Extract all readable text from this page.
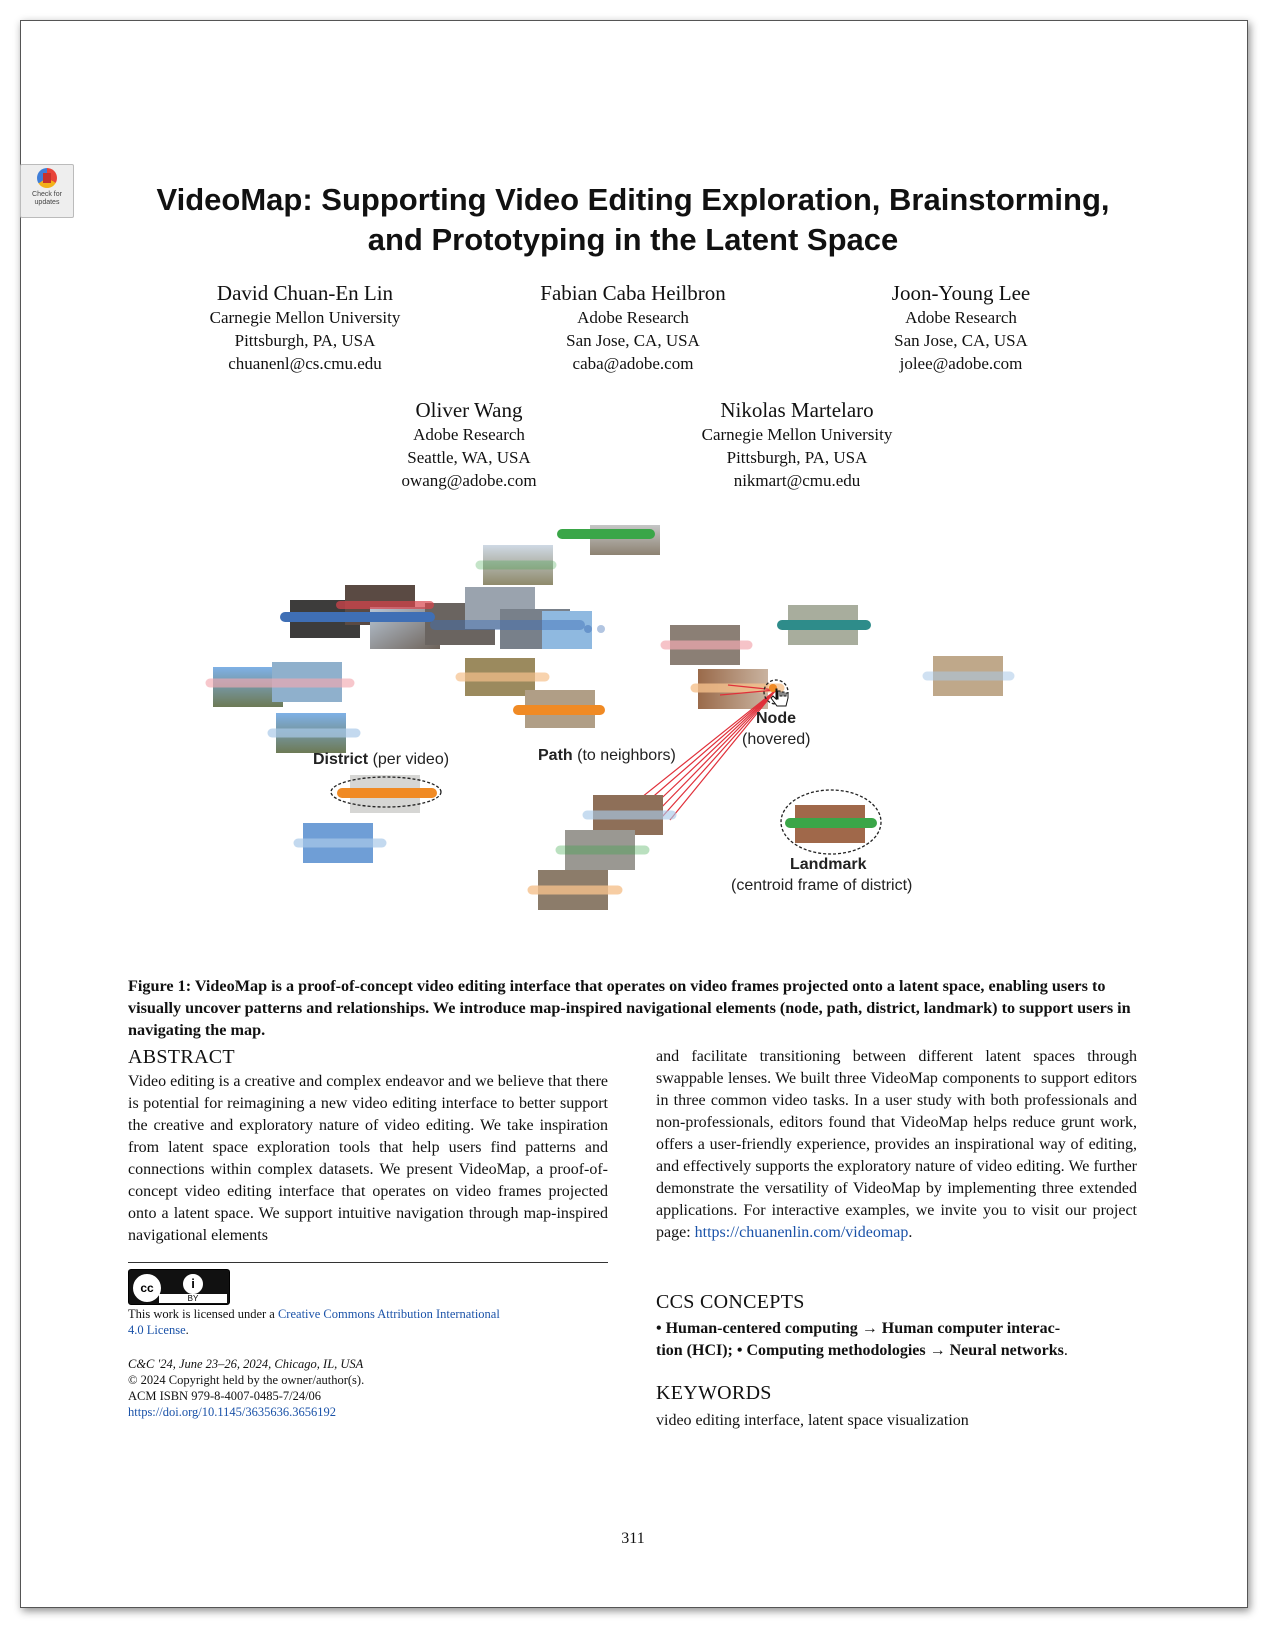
Check for
updates	VideoMap: Supporting Video Editing Exploration, Brainstorming,
and Prototyping in the Latent Space
David Chuan-En Lin
Carnegie Mellon University
Pittsburgh, PA, USA
chuanenl@cs.cmu.edu
Fabian Caba Heilbron
Adobe Research
San Jose, CA, USA
caba@adobe.com
Joon-Young Lee
Adobe Research
San Jose, CA, USA
jolee@adobe.com
Oliver Wang
Adobe Research
Seattle, WA, USA
owang@adobe.com
Nikolas Martelaro
Carnegie Mellon University
Pittsburgh, PA, USA
nikmart@cmu.edu
Node
(hovered)
Path (to neighbors)
District (per video)
Landmark
(centroid frame of district)
Figure 1: VideoMap is a proof-of-concept video editing interface that operates on video frames projected onto a latent space, enabling users to visually uncover patterns and relationships. We introduce map-inspired navigational elements (node, path, district, landmark) to support users in navigating the map.
ABSTRACT
Video editing is a creative and complex endeavor and we believe that there is potential for reimagining a new video editing interface to better support the creative and exploratory nature of video editing. We take inspiration from latent space exploration tools that help users find patterns and connections within complex datasets. We present VideoMap, a proof-of-concept video editing interface that operates on video frames projected onto a latent space. We support intuitive navigation through map-inspired navigational elements
and facilitate transitioning between different latent spaces through swappable lenses. We built three VideoMap components to support editors in three common video tasks. In a user study with both professionals and non-professionals, editors found that VideoMap helps reduce grunt work, offers a user-friendly experience, provides an inspirational way of editing, and effectively supports the exploratory nature of video editing. We further demonstrate the versatility of VideoMap by implementing three extended applications. For interactive examples, we invite you to visit our project page: https://chuanenlin.com/videomap.
cc	i
BY
This work is licensed under a Creative Commons Attribution International
4.0 License.
C&C '24, June 23–26, 2024, Chicago, IL, USA
© 2024 Copyright held by the owner/author(s).
ACM ISBN 979-8-4007-0485-7/24/06
https://doi.org/10.1145/3635636.3656192
CCS CONCEPTS
• Human-centered computing → Human computer interac-
tion (HCI); • Computing methodologies → Neural networks.
KEYWORDS
video editing interface, latent space visualization
311
